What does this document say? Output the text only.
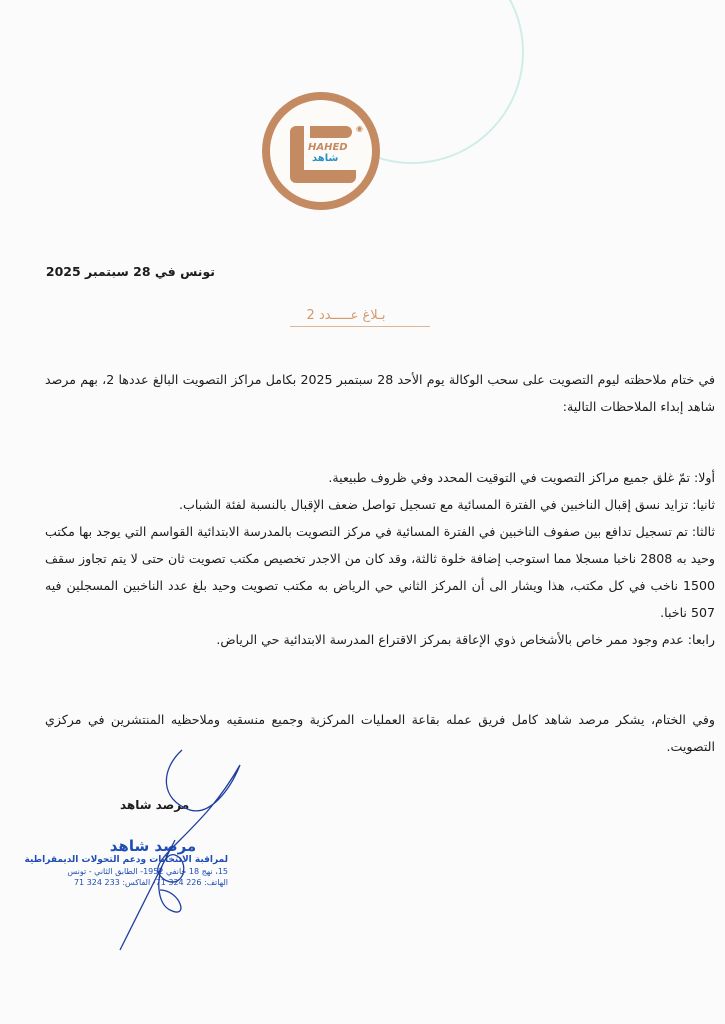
◉
HAHED
شاهد
تونس في 28 سبتمبر 2025
بـلاغ عـــــدد 2
في ختام ملاحظته ليوم التصويت على سحب الوكالة يوم الأحد 28 سبتمبر 2025 بكامل مراكز التصويت البالغ عددها 2، بهم مرصد شاهد إبداء الملاحظات التالية:

أولا: تمّ غلق جميع مراكز التصويت في التوقيت المحدد وفي ظروف طبيعية.

ثانيا: تزايد نسق إقبال الناخبين في الفترة المسائية مع تسجيل تواصل ضعف الإقبال بالنسبة لفئة الشباب.

ثالثا: تم تسجيل تدافع بين صفوف الناخبين في الفترة المسائية في مركز التصويت بالمدرسة الابتدائية القواسم التي يوجد بها مكتب وحيد به 2808 ناخبا مسجلا مما استوجب إضافة خلوة ثالثة، وقد كان من الاجدر تخصيص مكتب تصويت ثان حتى لا يتم تجاوز سقف 1500 ناخب في كل مكتب، هذا ويشار الى أن المركز الثاني حي الرياض به مكتب تصويت وحيد بلغ عدد الناخبين المسجلين فيه 507 ناخبا.

رابعا: عدم وجود ممر خاص بالأشخاص ذوي الإعاقة بمركز الاقتراع المدرسة الابتدائية حي الرياض.

وفي الختام، يشكر مرصد شاهد كامل فريق عمله بقاعة العمليات المركزية وجميع منسقيه وملاحظيه المنتشرين في مركزي التصويت.
مرصد شاهد
مرصد شاهد
لمراقبة الانتخابات ودعم التحولات الديمقراطية
15، نهج 18 جانفي 1952- الطابق الثاني - تونس
الهاتف: 226 324 71- الفاكس: 233 324 71
